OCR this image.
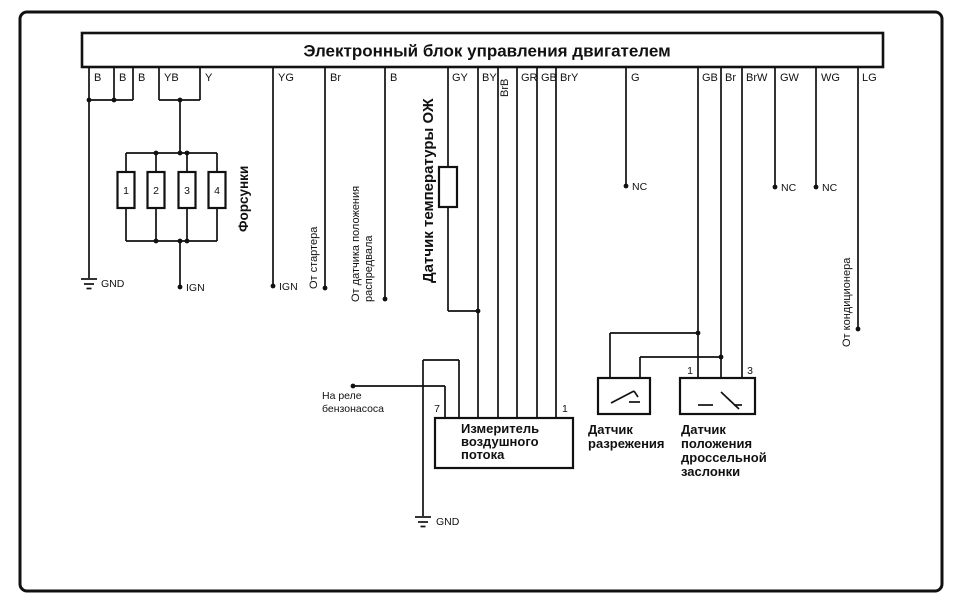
Электронный блок управления двигателем
B B B YB Y	YG	Br	B	GY BY
BrB
GR GB BrY	G	GB Br BrW GW WG LG
1 2 3 4 Форсунки
IGN
GND	IGN От стартера	От датчика положения распредвала	Датчик температуры ОЖ
Измеритель
воздушного
потока
7	1
На реле
бензонасоса
GND
Датчик
разрежения
1	3
Датчик
положения
дроссельной
заслонки
NC	NC NC
От кондиционера
